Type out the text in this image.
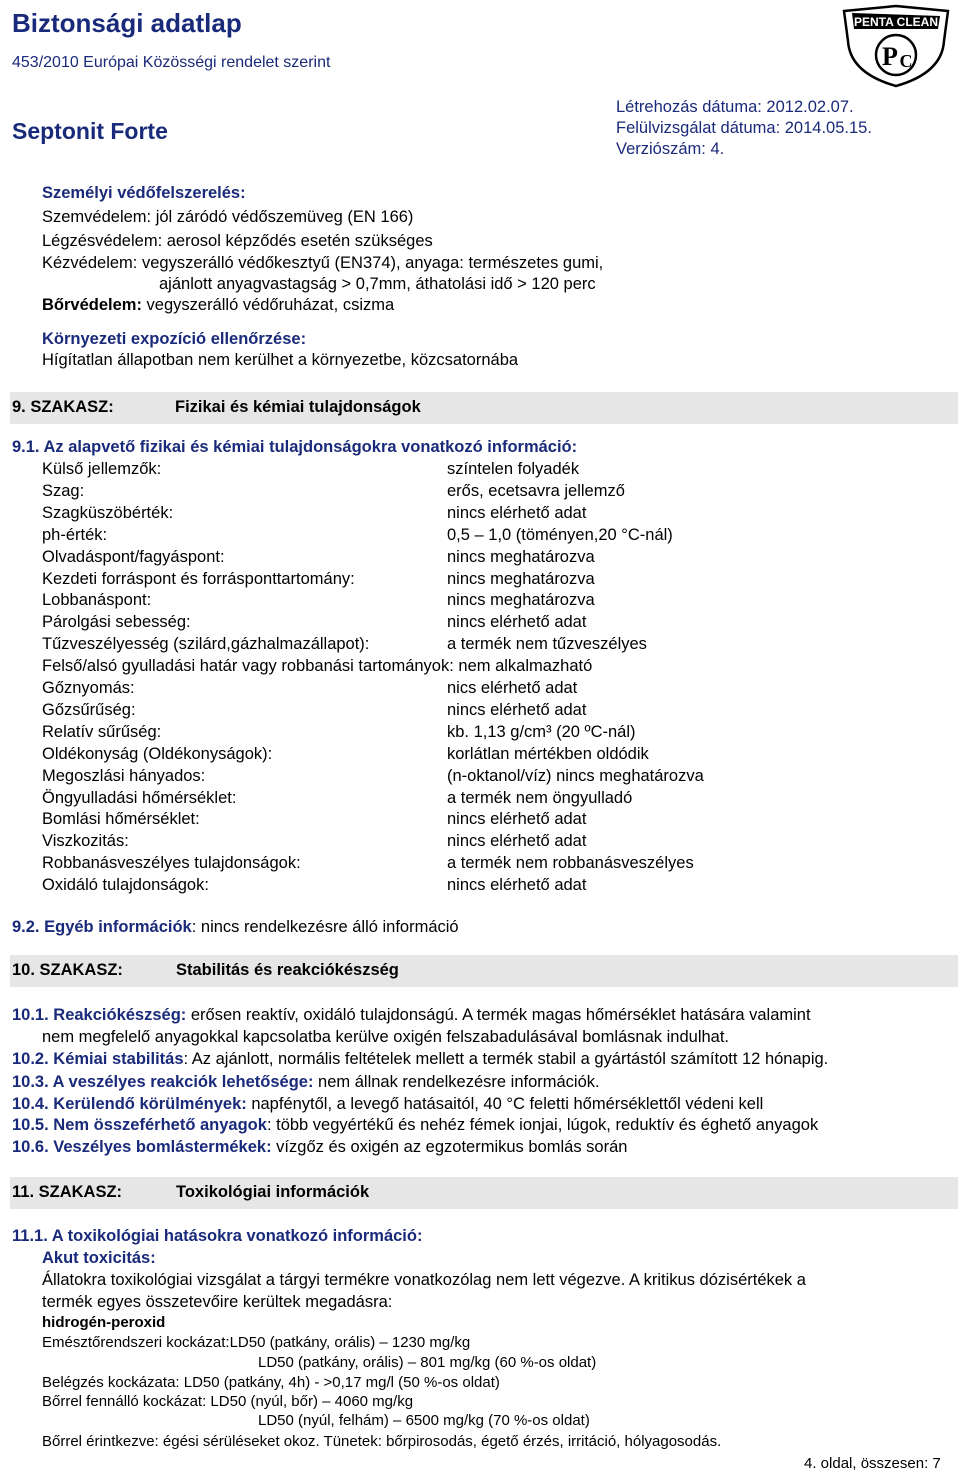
Biztonsági adatlap
453/2010 Európai Közösségi rendelet szerint
Septonit Forte
Létrehozás dátuma: 2012.02.07.
Felülvizsgálat dátuma: 2014.05.15.
Verziószám: 4.
PENTA CLEAN
P C
Személyi védőfelszerelés:
Szemvédelem: jól záródó védőszemüveg (EN 166)
Légzésvédelem: aerosol képződés esetén szükséges
Kézvédelem: vegyszerálló védőkesztyű (EN374), anyaga: természetes gumi,
ajánlott anyagvastagság > 0,7mm, áthatolási idő > 120 perc
Bőrvédelem: vegyszerálló védőruházat, csizma
Környezeti expozíció ellenőrzése:
Hígítatlan állapotban nem kerülhet a környezetbe, közcsatornába
9. SZAKASZ:	Fizikai és kémiai tulajdonságok
9.1. Az alapvető fizikai és kémiai tulajdonságokra vonatkozó információ:
Külső jellemzők:	színtelen folyadék
Szag:	erős, ecetsavra jellemző
Szagküszöbérték:	nincs elérhető adat
ph-érték:	0,5 – 1,0 (töményen,20 °C-nál)
Olvadáspont/fagyáspont:	nincs meghatározva
Kezdeti forráspont és forrásponttartomány:	nincs meghatározva
Lobbanáspont:	nincs meghatározva
Párolgási sebesség:	nincs elérhető adat
Tűzveszélyesség (szilárd,gázhalmazállapot):	a termék nem tűzveszélyes
Felső/alsó gyulladási határ vagy robbanási tartományok: nem alkalmazható
Gőznyomás:	nics elérhető adat
Gőzsűrűség:	nincs elérhető adat
Relatív sűrűség:	kb. 1,13 g/cm³ (20 ºC-nál)
Oldékonyság (Oldékonyságok):	korlátlan mértékben oldódik
Megoszlási hányados:	(n-oktanol/víz) nincs meghatározva
Öngyulladási hőmérséklet:	a termék nem öngyulladó
Bomlási hőmérséklet:	nincs elérhető adat
Viszkozitás:	nincs elérhető adat
Robbanásveszélyes tulajdonságok:	a termék nem robbanásveszélyes
Oxidáló tulajdonságok:	nincs elérhető adat
9.2. Egyéb információk: nincs rendelkezésre álló információ
10. SZAKASZ:	Stabilitás és reakciókészség
10.1. Reakciókészség: erősen reaktív, oxidáló tulajdonságú. A termék magas hőmérséklet hatására valamint
nem megfelelő anyagokkal kapcsolatba kerülve oxigén felszabadulásával bomlásnak indulhat.
10.2. Kémiai stabilitás: Az ajánlott, normális feltételek mellett a termék stabil a gyártástól számított 12 hónapig.
10.3. A veszélyes reakciók lehetősége: nem állnak rendelkezésre információk.
10.4. Kerülendő körülmények: napfénytől, a levegő hatásaitól, 40 °C feletti hőmérséklettől védeni kell
10.5. Nem összeférhető anyagok: több vegyértékű és nehéz fémek ionjai, lúgok, reduktív és éghető anyagok
10.6. Veszélyes bomlástermékek: vízgőz és oxigén az egzotermikus bomlás során
11. SZAKASZ:	Toxikológiai információk
11.1. A toxikológiai hatásokra vonatkozó információ:
Akut toxicitás:
Állatokra toxikológiai vizsgálat a tárgyi termékre vonatkozólag nem lett végezve. A kritikus dózisértékek a
termék egyes összetevőire kerültek megadásra:
hidrogén-peroxid
Emésztőrendszeri kockázat:LD50 (patkány, orális) – 1230 mg/kg
LD50 (patkány, orális) – 801 mg/kg (60 %-os oldat)
Belégzés kockázata: LD50 (patkány, 4h) - >0,17 mg/l (50 %-os oldat)
Bőrrel fennálló kockázat: LD50 (nyúl, bőr) – 4060 mg/kg
LD50 (nyúl, felhám) – 6500 mg/kg (70 %-os oldat)
Bőrrel érintkezve: égési sérüléseket okoz. Tünetek: bőrpirosodás, égető érzés, irritáció, hólyagosodás.
4. oldal, összesen: 7
